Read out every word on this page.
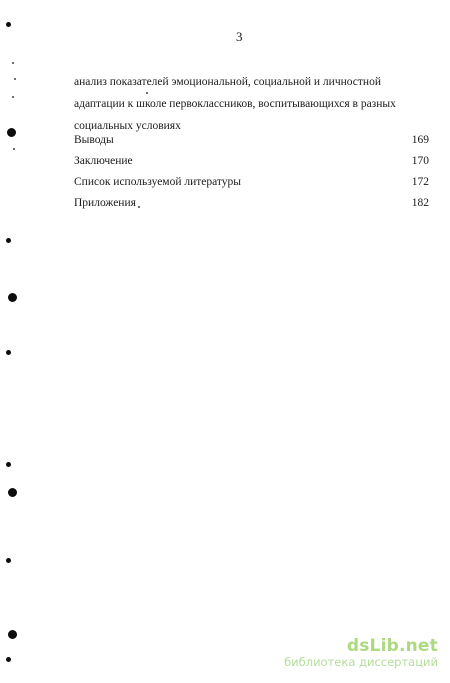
3
анализ показателей эмоциональной, социальной и личностной
адаптации к школе первоклассников, воспитывающихся в разных
социальных условиях
Выводы	169
Заключение	170
Список используемой литературы	172
Приложения	182
dsLib.net
библиотека диссертаций
